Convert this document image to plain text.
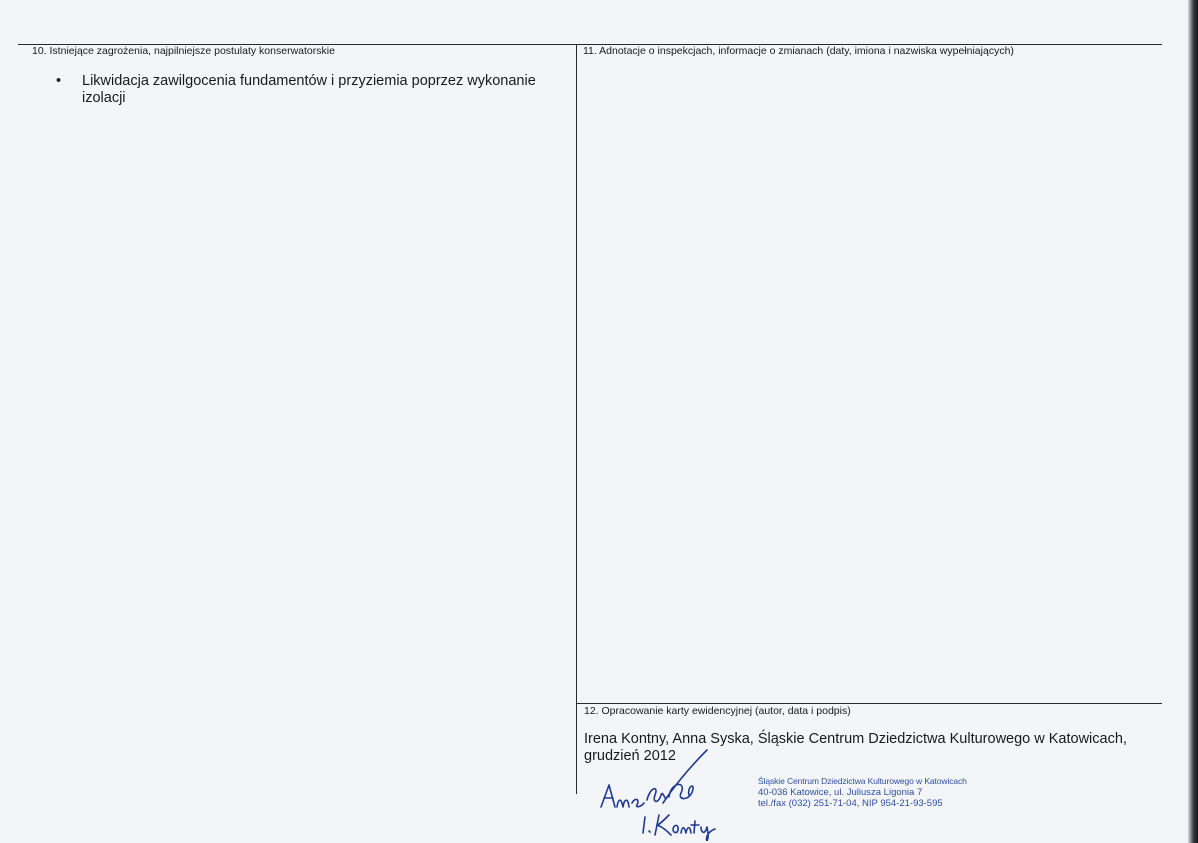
10. Istniejące zagrożenia, najpilniejsze postulaty konserwatorskie
• Likwidacja zawilgocenia fundamentów i przyziemia poprzez wykonanie izolacji
11. Adnotacje o inspekcjach, informacje o zmianach (daty, imiona i nazwiska wypełniających)
12. Opracowanie karty ewidencyjnej (autor, data i podpis)
Irena Kontny, Anna Syska, Śląskie Centrum Dziedzictwa Kulturowego w Katowicach, grudzień 2012
Śląskie Centrum Dziedzictwa Kulturowego w Katowicach
40-036 Katowice, ul. Juliusza Ligonia 7
tel./fax (032) 251-71-04, NIP 954-21-93-595
